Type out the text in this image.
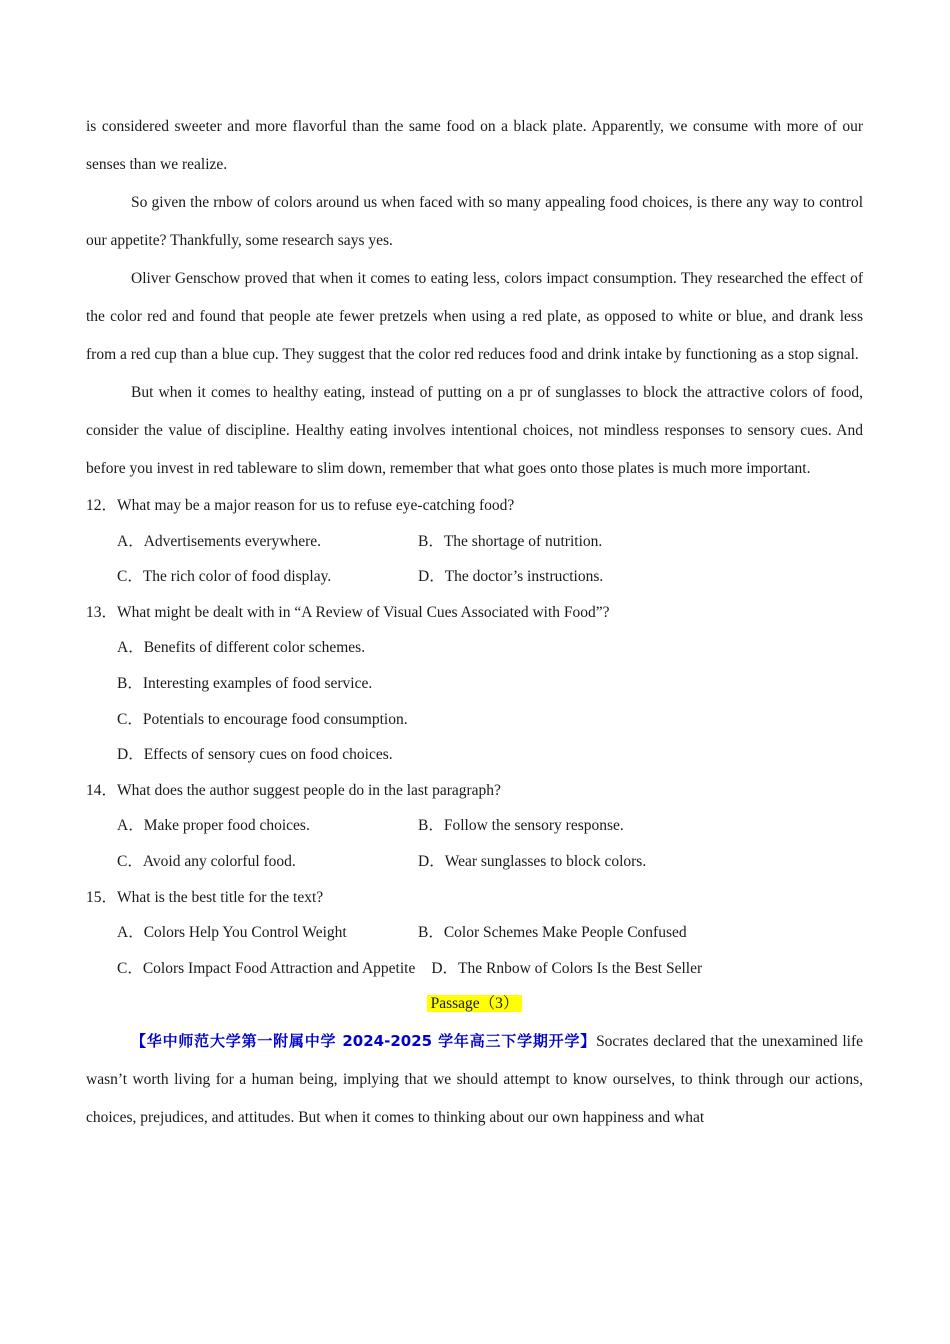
is considered sweeter and more flavorful than the same food on a black plate. Apparently, we consume with more of our senses than we realize.

So given the rnbow of colors around us when faced with so many appealing food choices, is there any way to control our appetite? Thankfully, some research says yes.

Oliver Genschow proved that when it comes to eating less, colors impact consumption. They researched the effect of the color red and found that people ate fewer pretzels when using a red plate, as opposed to white or blue, and drank less from a red cup than a blue cup. They suggest that the color red reduces food and drink intake by functioning as a stop signal.

But when it comes to healthy eating, instead of putting on a pr of sunglasses to block the attractive colors of food, consider the value of discipline. Healthy eating involves intentional choices, not mindless responses to sensory cues. And before you invest in red tableware to slim down, remember that what goes onto those plates is much more important.

12．What may be a major reason for us to refuse eye-catching food?

A．Advertisements everywhere.	B．The shortage of nutrition.
C．The rich color of food display.	D．The doctor’s instructions.

13．What might be dealt with in “A Review of Visual Cues Associated with Food”?

A．Benefits of different color schemes.
B．Interesting examples of food service.
C．Potentials to encourage food consumption.
D．Effects of sensory cues on food choices.

14．What does the author suggest people do in the last paragraph?

A．Make proper food choices.	B．Follow the sensory response.
C．Avoid any colorful food.	D．Wear sunglasses to block colors.

15．What is the best title for the text?

A．Colors Help You Control Weight	B．Color Schemes Make People Confused
C．Colors Impact Food Attraction and Appetite D．The Rnbow of Colors Is the Best Seller
Passage（3）

【华中师范大学第一附属中学 2024-2025 学年高三下学期开学】Socrates declared that the unexamined life wasn’t worth living for a human being, implying that we should attempt to know ourselves, to think through our actions, choices, prejudices, and attitudes. But when it comes to thinking about our own happiness and what
